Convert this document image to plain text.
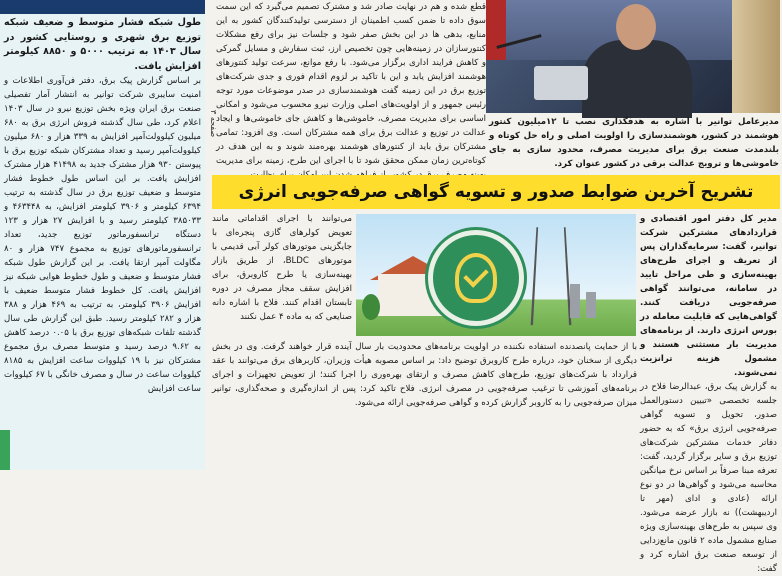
طول شبکه فشار متوسط و ضعیف شبکه توزیع برق شهری و روستایی کشور در سال ۱۴۰۳ به ترتیب ۵۰۰۰ و ۸۸۵۰ کیلومتر افزایش یافت.

بر اساس گزارش پیک برق، دفتر فن‌آوری اطلاعات و امنیت سایبری شرکت توانیر به انتشار آمار تفصیلی صنعت برق ایران ویژه بخش توزیع نیرو در سال ۱۴۰۳ اعلام کرد، طی سال گذشته فروش انرژی برق به ۶۸۰ میلیون کیلوولت‌آمپر افزایش به ۳۳۹ هزار و ۶۸۰ میلیون کیلوولت‌آمپر رسید و تعداد مشترکان شبکه توزیع برق با پیوستن ۹۳۰ هزار مشترک جدید به ۴۱۴۹۸ هزار مشترک افزایش یافت. بر این اساس طول خطوط فشار متوسط و ضعیف توزیع برق در سال گذشته به ترتیب ۶۳۹۴ کیلومتر و ۳۹۰۶ کیلومتر افزایش، به ۴۶۳۴۴۸ و ۳۸۵۰۳۳ کیلومتر رسید و با افزایش ۲۷ هزار و ۱۲۳ دستگاه ترانسفورماتور توزیع جدید، تعداد ترانسفورماتورهای توزیع به مجموع ۷۴۷ هزار و ۸۰ مگاولت آمپر ارتقا یافت. بر این گزارش طول شبکه فشار متوسط و ضعیف و طول خطوط هوایی شبکه نیز افزایش یافت. کل خطوط فشار متوسط ضعیف با افزایش ۳۹۰۶ کیلومتر، به ترتیب به ۴۶۹ هزار و ۳۸۸ هزار و ۲۸۲ کیلومتر رسید. طبق این گزارش طی سال گذشته تلفات شبکه‌های توزیع برق با ۰.۰۵ درصد کاهش به ۹.۶۲ درصد رسید و متوسط مصرف برق مجموع مشترکان نیز با ۱۹ کیلووات ساعت افزایش به ۸۱۸۵ کیلووات ساعت در سال و مصرف خانگی با ۶۷ کیلووات ساعت افزایش

صفحه ۳

قطع شده و هم در نهایت صادر شد و مشترک تصمیم می‌گیرد که این سمت سوق داده تا ضمن کسب اطمینان از دسترسی تولیدکنندگان کشور به این منابع، بدهی ها در این بخش صفر شود و جلسات نیز برای رفع مشکلات کنتورسازان در زمینه‌هایی چون تخصیص ارز، ثبت سفارش و مسایل گمرکی و کاهش فرایند اداری برگزار می‌شود. با رفع موانع، سرعت تولید کنتورهای هوشمند افزایش یابد و این با تاکید بر لزوم اقدام فوری و جدی شرکت‌های توزیع برق در این زمینه گفت هوشمندسازی در صدر موضوعات مورد توجه رئیس جمهور و از اولویت‌های اصلی وزارت نیرو محسوب می‌شود و امکانی اساسی برای مدیریت مصرف، خاموشی‌ها و کاهش جای خاموشی‌ها و ایجاد عدالت در توزیع و عدالت برق برای همه مشترکان است. وی افزود: تمامی مشترکان برق باید از کنتورهای هوشمند بهره‌مند شوند و به این هدف در کوتاه‌ترین زمان ممکن محقق شود تا با اجرای این طرح، زمینه برای مدیریت

مدیرعامل توانیر با اشاره به هدفگذاری نصب تا ۱۲میلیون کنتور هوشمند در کشور، هوشمندسازی را اولویت اصلی و راه حل کوتاه و بلندمدت صنعت برق برای مدیریت مصرف، محدود سازی به جای خاموشی‌ها و ترویج عدالت برقی در کشور عنوان کرد.
تشریح آخرین ضوابط صدور و تسویه گواهی صرفه‌جویی انرژی

مدیر کل دفتر امور اقتصادی و قراردادهای مشترکین شرکت توانیر، گفت: سرمایه‌گذاران پس از تعریف و اجرای طرح‌های بهینه‌سازی و طی مراحل تایید در سامانه، می‌توانند گواهی صرفه‌جویی دریافت کنند. گواهی‌هایی که قابلیت معامله در بورس انرژی دارند. از برنامه‌های مدیریت بار مستثنی هستند و مشمول هزینه ترانزیت نمی‌شوند.

به گزارش پیک برق، عبدالرضا فلاح در جلسه تخصصی «تبیین دستورالعمل صدور، تحویل و تسویه گواهی صرفه‌جویی انرژی برق» که به حضور دفاتر خدمات مشترکین شرکت‌های توزیع برق و سایر برگزار گردید، گفت: تعرفه مبنا صرفاً بر اساس نرخ میانگین محاسبه می‌شود و گواهی‌ها در دو نوع ارائه (عادی و ادای (مهر تا اردیبهشت)) نه بازار عرضه می‌شود. وی سپس به طرح‌های بهینه‌سازی ویژه صنایع مشمول ماده ۲ قانون مانع‌زدایی از توسعه صنعت برق اشاره کرد و گفت:

می‌توانند با اجرای اقداماتی مانند تعویض کولرهای گازی پنجره‌ای با جایگزینی موتورهای کولر آبی قدیمی با موتورهای BLDC، از طریق بازار بهینه‌سازی یا طرح کاروبرق، برای افزایش سقف مجاز مصرف در دوره تابستان اقدام کنند. فلاح با اشاره دانه صنایعی که به ماده ۴ عمل نکنند

با از حمایت پانصدنده استفاده نکننده در اولویت برنامه‌های محدودیت بار سال آینده قرار خواهند گرفت. وی در بخش دیگری از سخنان خود، درباره طرح کاروبرق توضیح داد: بر اساس مصوبه هیأت وزیران، کاربرهای برق می‌توانند با عقد قرارداد با شرکت‌های توزیع، طرح‌های کاهش مصرف و ارتقای بهره‌وری را اجرا کنند؛ از تعویض تجهیزات و اجرای برنامه‌های آموزشی تا ترغیب صرفه‌جویی در مصرف انرژی. فلاح تاکید کرد: پس از اندازه‌گیری و صحه‌گذاری، توانیر میزان صرفه‌جویی را به کاروبر گزارش کرده و گواهی صرفه‌جویی ارائه می‌شود.
